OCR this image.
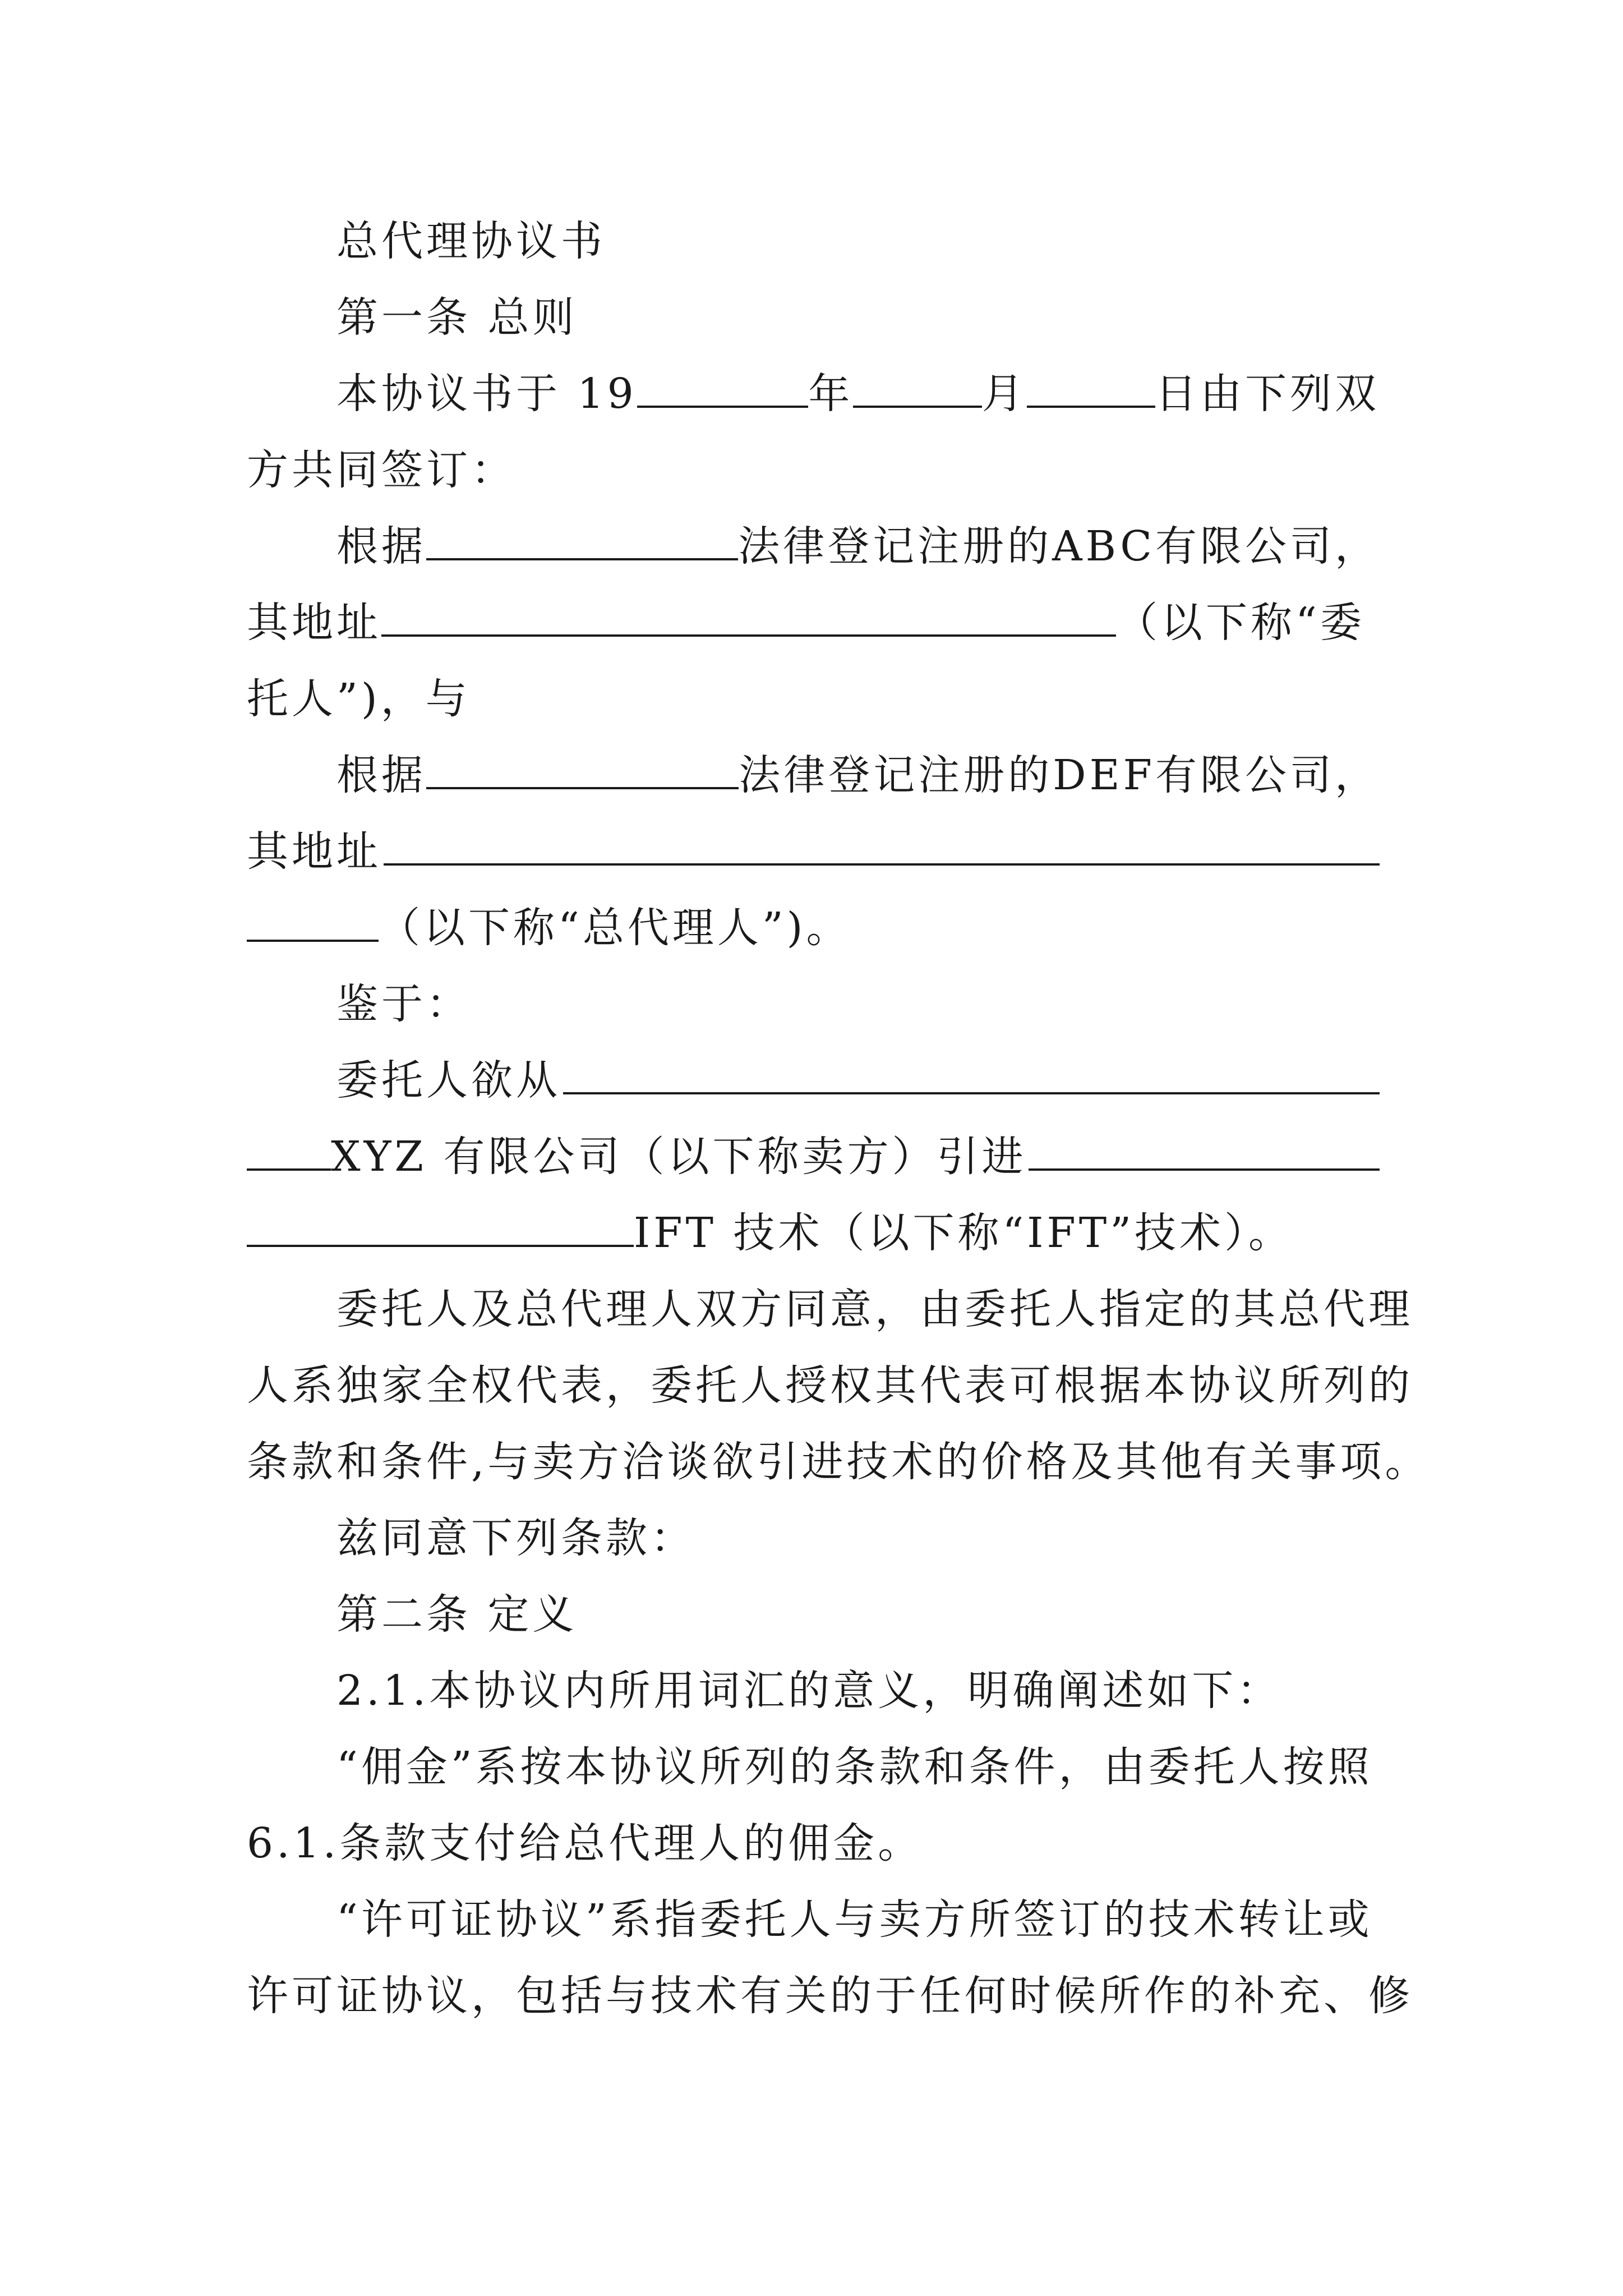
总代理协议书
第一条 总则
本协议书于 19	年	月	日由下列双
方共同签订：
根据	法律登记注册的ABC有限公司，
其地址	（以下称“委
托人”)，与
根据	法律登记注册的DEF有限公司，
其地址
（以下称“总代理人”)。
鉴于：
委托人欲从
XYZ 有限公司（以下称卖方）引进
IFT 技术（以下称“IFT”技术）。
委托人及总代理人双方同意，由委托人指定的其总代理
人系独家全权代表，委托人授权其代表可根据本协议所列的
条款和条件,与卖方洽谈欲引进技术的价格及其他有关事项。
兹同意下列条款：
第二条 定义
2.1.本协议内所用词汇的意义，明确阐述如下：
“佣金”系按本协议所列的条款和条件，由委托人按照
6.1.条款支付给总代理人的佣金。
“许可证协议”系指委托人与卖方所签订的技术转让或
许可证协议，包括与技术有关的于任何时候所作的补充、修
